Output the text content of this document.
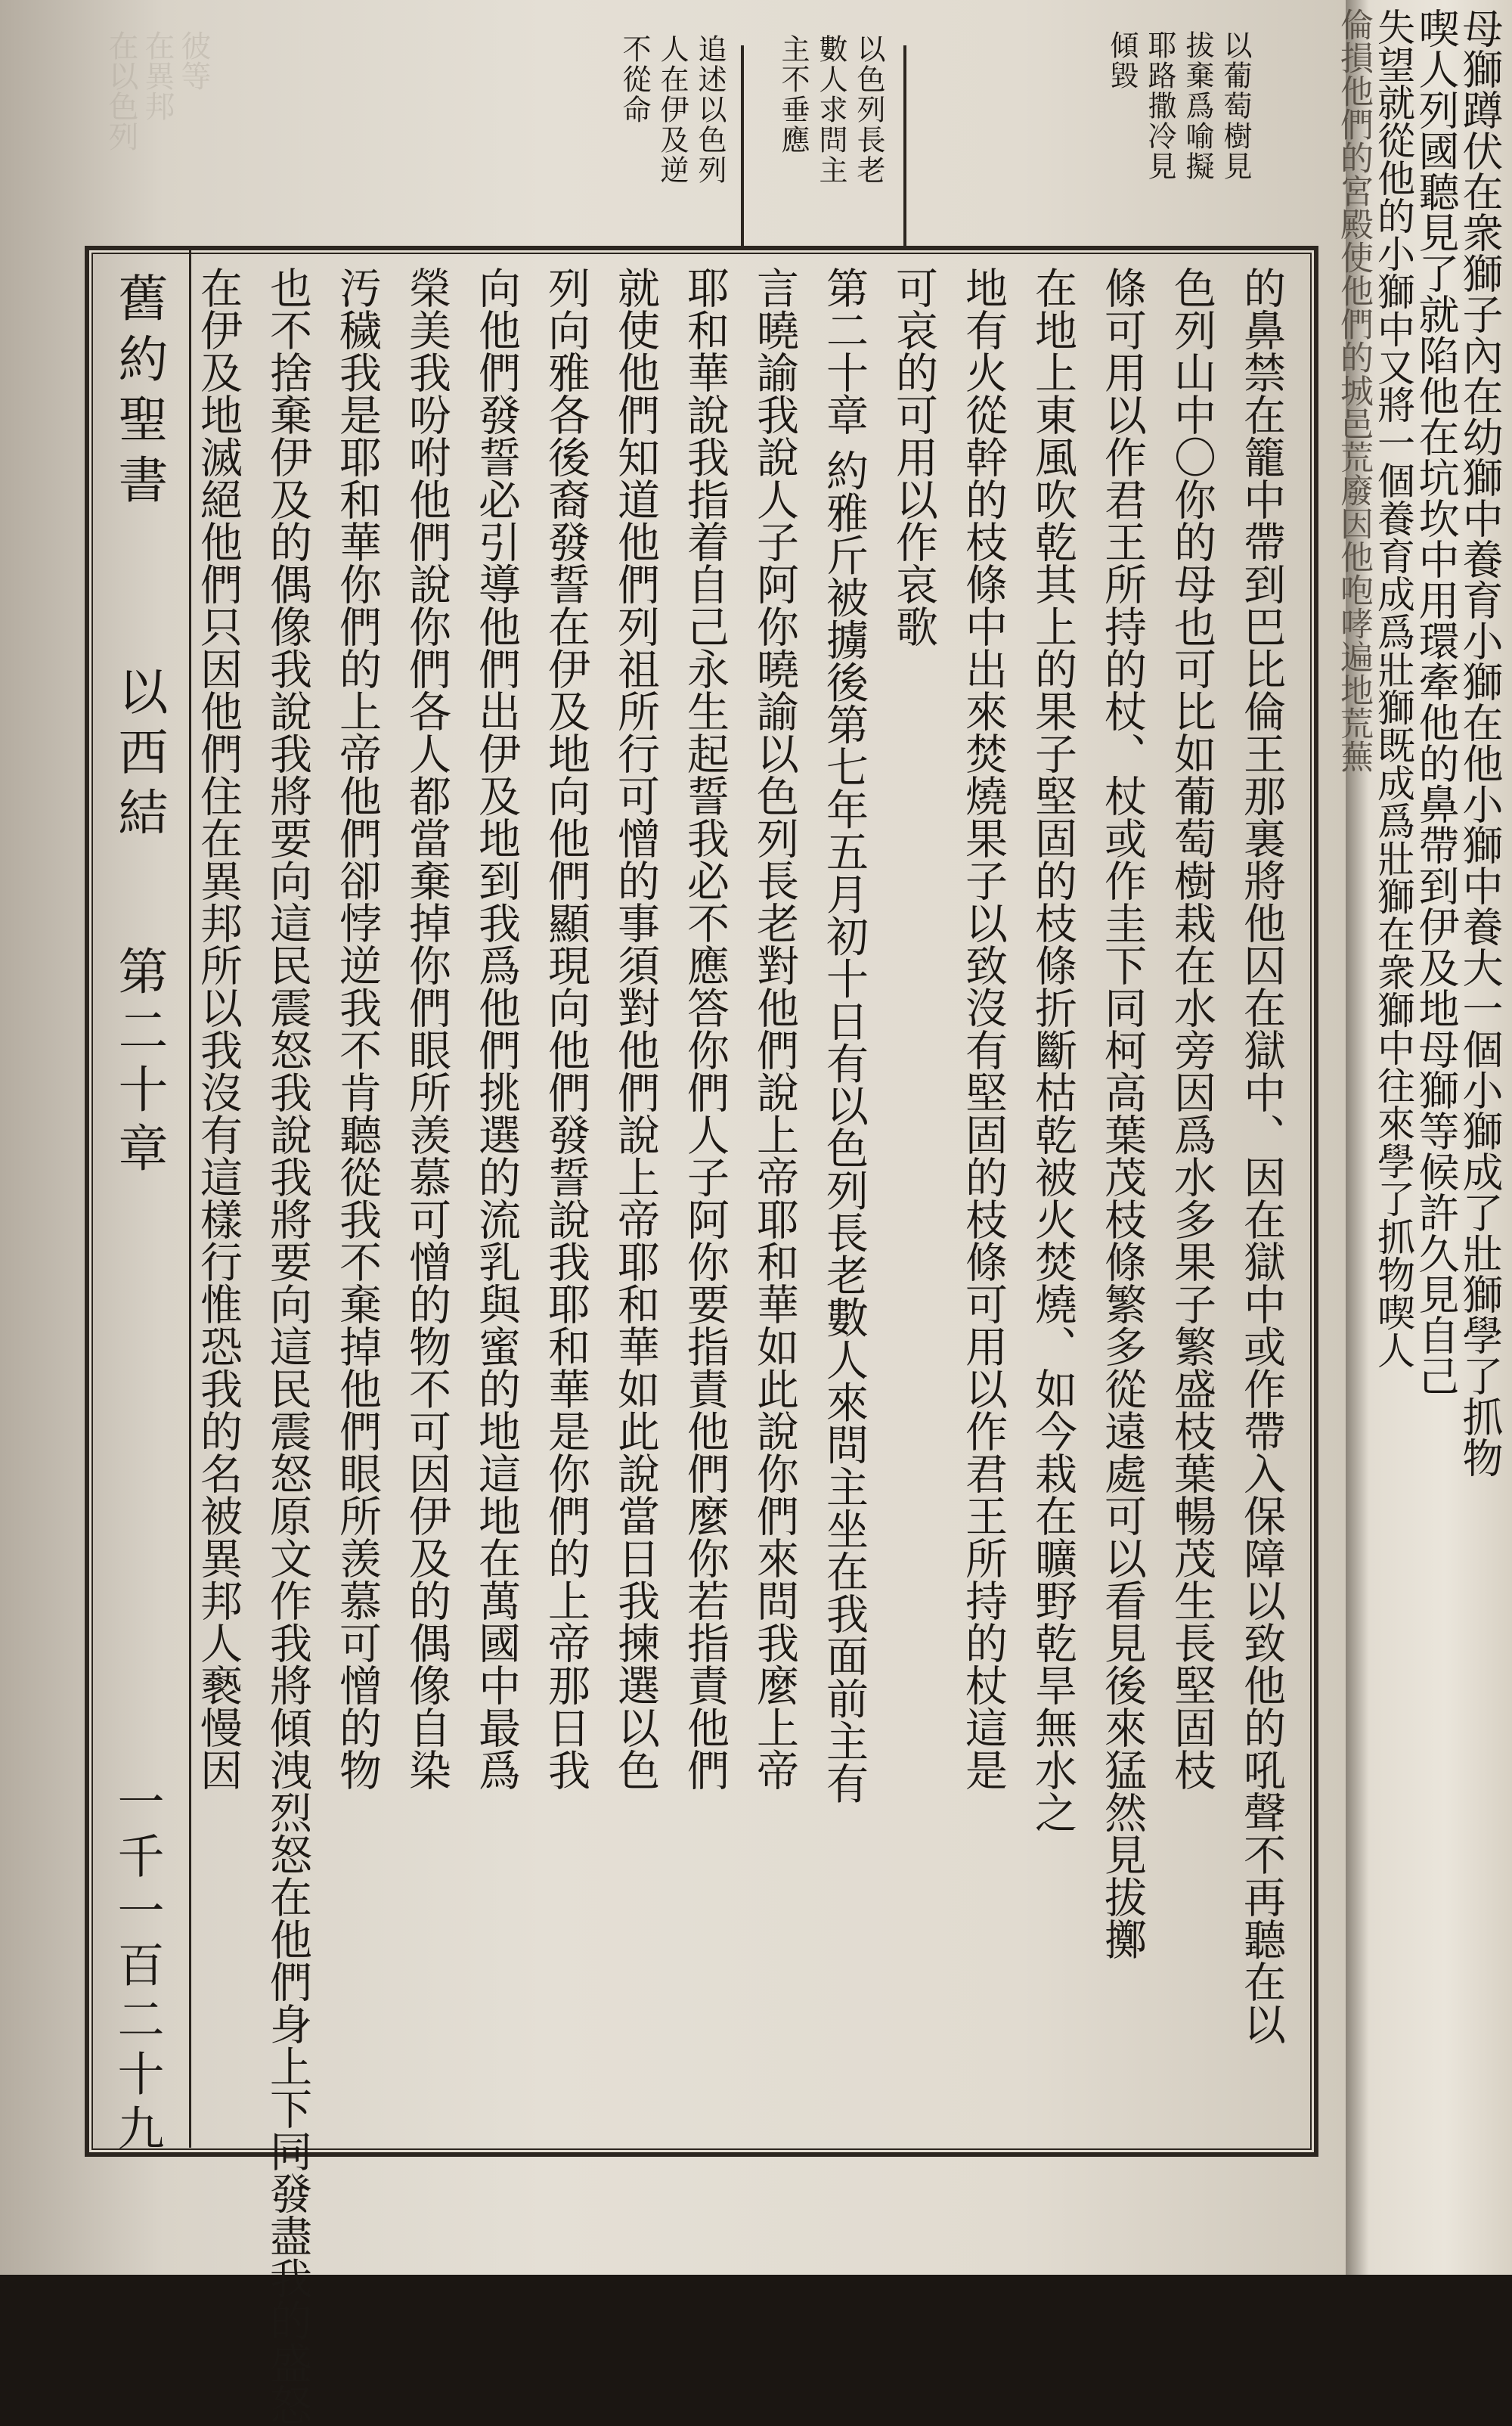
彼等
在異邦
在以色列	以葡萄樹見
拔棄爲喻擬
耶路撒冷見
傾毀
以色列長老
數人求問主
主不垂應
追述以色列
人在伊及逆
不從命
的鼻禁在籠中帶到巴比倫王那裏將他囚在獄中、因在獄中或作帶入保障以致他的吼聲不再聽在以
色列山中〇你的母也可比如葡萄樹栽在水旁因爲水多果子繁盛枝葉暢茂生長堅固枝
條可用以作君王所持的杖、杖或作圭下同柯高葉茂枝條繁多從遠處可以看見後來猛然見拔擲
在地上東風吹乾其上的果子堅固的枝條折斷枯乾被火焚燒、如今栽在曠野乾旱無水之
地有火從幹的枝條中出來焚燒果子以致沒有堅固的枝條可用以作君王所持的杖這是
可哀的可用以作哀歌
第二十章 約雅斤被擄後第七年五月初十日有以色列長老數人來問主坐在我面前主有
言曉諭我說人子阿你曉諭以色列長老對他們說上帝耶和華如此說你們來問我麼上帝
耶和華說我指着自己永生起誓我必不應答你們人子阿你要指責他們麼你若指責他們
就使他們知道他們列祖所行可憎的事須對他們說上帝耶和華如此說當日我揀選以色
列向雅各後裔發誓在伊及地向他們顯現向他們發誓說我耶和華是你們的上帝那日我
向他們發誓必引導他們出伊及地到我爲他們挑選的流乳與蜜的地這地在萬國中最爲
榮美我吩咐他們說你們各人都當棄掉你們眼所羡慕可憎的物不可因伊及的偶像自染
汚穢我是耶和華你們的上帝他們卻悖逆我不肯聽從我不棄掉他們眼所羡慕可憎的物
也不捨棄伊及的偶像我說我將要向這民震怒我說我將要向這民震怒原文作我將傾洩烈怒在他們身上下同發盡我的盛怒
在伊及地滅絕他們只因他們住在異邦所以我沒有這樣行惟恐我的名被異邦人褻慢因
舊約聖書
以西結
第二十章
一千一百二十九
母獅蹲伏在衆獅子內在幼獅中養育小獅在他小獅中養大一個小獅成了壯獅學了抓物
喫人列國聽見了就陷他在坑坎中用環牽他的鼻帶到伊及地母獅等候許久見自己
失望就從他的小獅中又將一個養育成爲壯獅既成爲壯獅在衆獅中往來學了抓物喫人
倫損他們的宮殿使他們的城邑荒廢因他咆哮遍地荒蕪
